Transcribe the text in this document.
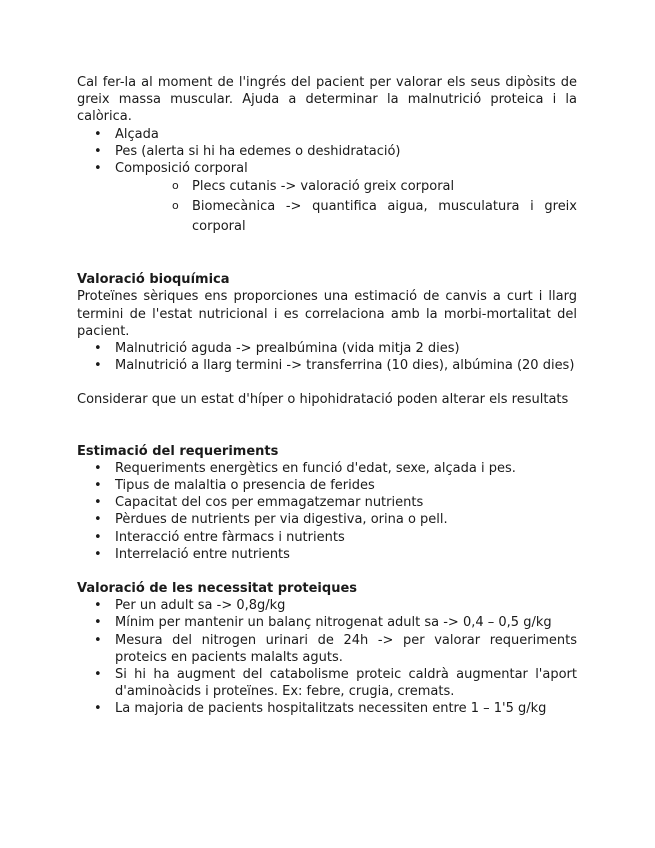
Cal fer-la al moment de l'ingrés del pacient per valorar els seus dipòsits de greix massa muscular. Ajuda a determinar la malnutrició proteica i la calòrica.

• Alçada
• Pes (alerta si hi ha edemes o deshidratació)
• Composició corporal
o Plecs cutanis -> valoració greix corporal
o Biomecànica -> quantifica aigua, musculatura i greix corporal
Valoració bioquímica

Proteïnes sèriques ens proporciones una estimació de canvis a curt i llarg termini de l'estat nutricional i es correlaciona amb la morbi-mortalitat del pacient.

• Malnutrició aguda -> prealbúmina (vida mitja 2 dies)
• Malnutrició a llarg termini -> transferrina (10 dies), albúmina (20 dies)

Considerar que un estat d'híper o hipohidratació poden alterar els resultats

Estimació del requeriments
• Requeriments energètics en funció d'edat, sexe, alçada i pes.
• Tipus de malaltia o presencia de ferides
• Capacitat del cos per emmagatzemar nutrients
• Pèrdues de nutrients per via digestiva, orina o pell.
• Interacció entre fàrmacs i nutrients
• Interrelació entre nutrients
Valoració de les necessitat proteiques
• Per un adult sa -> 0,8g/kg
• Mínim per mantenir un balanç nitrogenat adult sa -> 0,4 – 0,5 g/kg
• Mesura del nitrogen urinari de 24h -> per valorar requeriments proteics en pacients malalts aguts.
• Si hi ha augment del catabolisme proteic caldrà augmentar l'aport d'aminoàcids i proteïnes. Ex: febre, crugia, cremats.
• La majoria de pacients hospitalitzats necessiten entre 1 – 1'5 g/kg
